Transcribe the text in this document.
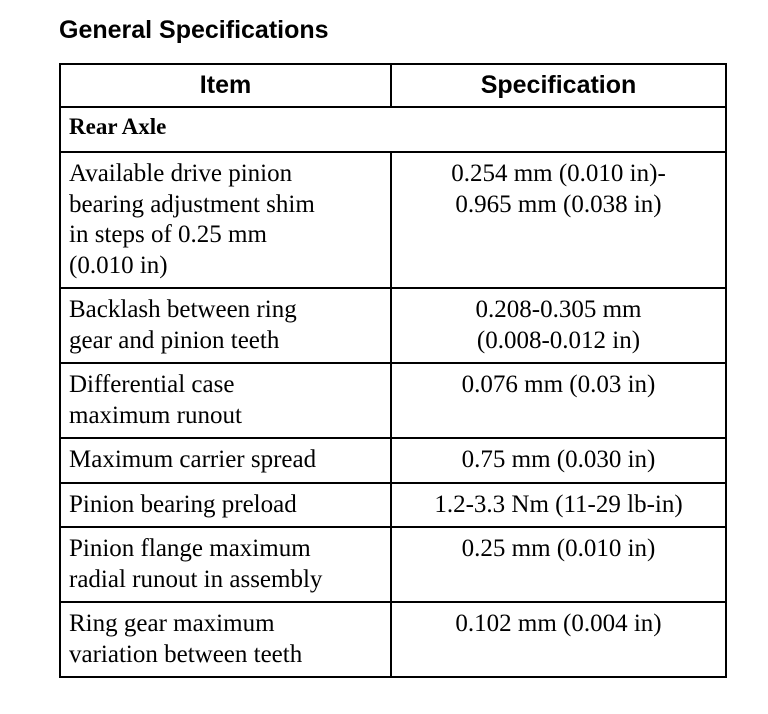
General Specifications
Item	Specification
Rear Axle	

Available drive pinion
bearing adjustment shim
in steps of 0.25 mm
(0.010 in)	0.254 mm (0.010 in)-
0.965 mm (0.038 in)

Backlash between ring
gear and pinion teeth	0.208-0.305 mm
(0.008-0.012 in)

Differential case
maximum runout	0.076 mm (0.03 in)

Maximum carrier spread	0.75 mm (0.030 in)

Pinion bearing preload	1.2-3.3 Nm (11-29 lb-in)

Pinion flange maximum
radial runout in assembly	0.25 mm (0.010 in)

Ring gear maximum
variation between teeth	0.102 mm (0.004 in)
